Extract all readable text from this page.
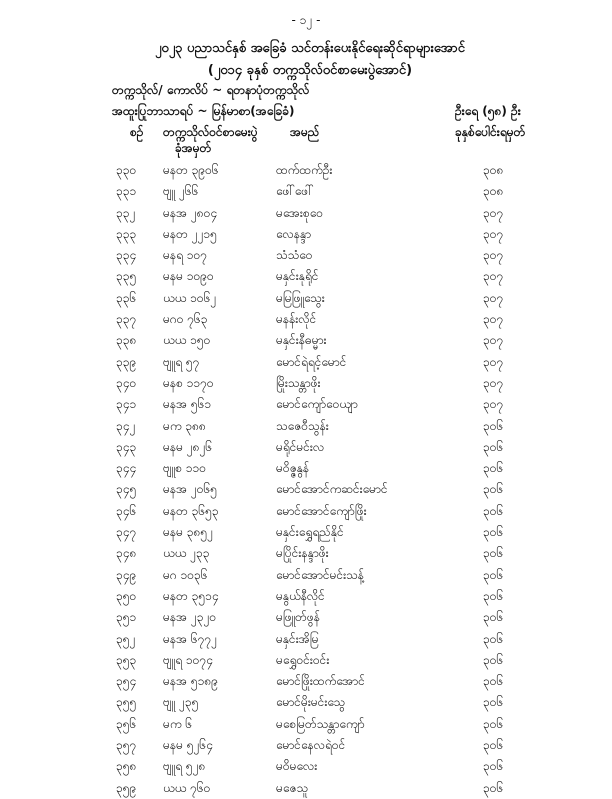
- ၁၂ -
၂၀၂၃ ပညာသင်နှစ် အခြေခံ သင်တန်းပေးနိုင်ရေးဆိုင်ရာများအောင်
(၂၀၁၄ ခုနှစ် တက္ကသိုလ်ဝင်စာမေးပွဲအောင်)
တက္ကသိုလ်/ ကောလိပ် ~ ရတနာပုံတက္ကသိုလ်
အထူးပြုဘာသာရပ် ~ မြန်မာစာ(အခြေခံ)	ဦးရေ (၅၈) ဦး
စဉ် တက္ကသိုလ်ဝင်စာမေးပွဲ
ခုံအမှတ်
အမည်	ခုနှစ်ပေါင်းရမှတ်
၃၃၀ မနတ ၃၉၀၆	ထက်ထက်ဦး	၃၀၈
၃၃၁ ဗျူ ၂၆၆	ဖေါ်ဖေါ်	၃၀၈
၃၃၂ မနအ ၂၈၀၄	မအေးစုဝေ	၃၀၇
၃၃၃ မနတ ၂၂၁၅	လေနန္ဒာ	၃၀၇
၃၃၄ မနရ ၁၀၇	သံသံဝေ	၃၀၇
၃၃၅ မနမ ၁၀၉၀	မနှင်းနုရိုင်	၃၀၇
၃၃၆ ယယ ၁၀၆၂	မမြဖြူသွေး	၃၀၇
၃၃၇ မဂဝ ၇၆၃	မနန်းလိုင်	၃၀၇
၃၃၈ ယယ ၁၅၀	မနှင်းနီဓမ္မား	၃၀၇
၃၃၉ ဗျူရ ၅၇	မောင်ရဲရင့်မောင်	၃၀၇
၃၄၀ မနစ ၁၁၇၀	မြိုးသန္တာဖိုး	၃၀၇
၃၄၁ မနအ ၅၆၁	မောင်ကျော်ဝေယျာ	၃၀၇
၃၄၂ မက ၃၈၈	သဇေဝီသွန်း	၃၀၆
၃၄၃ မနမ ၂၈၂၆	မရိုင်မင်းလ	၃၀၆
၃၄၄ ဗျူစ ၁၁၀	မဝိဇ္ဇနွန်	၃၀၆
၃၄၅ မနအ ၂၀၆၅	မောင်အောင်ကဆင်းမောင်	၃၀၆
၃၄၆ မနတ ၃၆၅၃	မောင်အောင်ကျော်ဖြိုး	၃၀၆
၃၄၇ မနမ ၃၈၅၂	မနှင်းရွှေရည်နိုင်	၃၀၆
၃၄၈ ယယ ၂၃၃	မပြိုင်းနန္ဒာဖိုး	၃၀၆
၃၄၉ မဂ ၁၀၃၆	မောင်အောင်မင်းသန့်	၃၀၆
၃၅၀ မနတ ၃၅၁၄	မနွယ်နီလိုင်	၃၀၆
၃၅၁ မနအ ၂၃၂၀	မဖြူတ်ဖွန်	၃၀၆
၃၅၂ မနအ ၆၇၇၂	မနှင်းအိမြ	၃၀၆
၃၅၃ ဗျူရ ၁၀၇၄	မရွှေဝင်းဝင်း	၃၀၆
၃၅၄ မနအ ၅၁၈၉	မောင်ဖြိုးထက်အောင်	၃၀၆
၃၅၅ ဗျူ ၂၃၅	မောင်မိုးမင်းသွေ	၃၀၆
၃၅၆ မက ၆	မစေမြတ်သန္တာကျော်	၃၀၆
၃၅၇ မနမ ၅၂၆၄	မောင်နေလရဲဝင်	၃၀၆
၃၅၈ ဗျူရ ၅၂၈	မဝိမလေး	၃၀၆
၃၅၉ ယယ ၇၆၀	မဇေသူ	၃၀၆
